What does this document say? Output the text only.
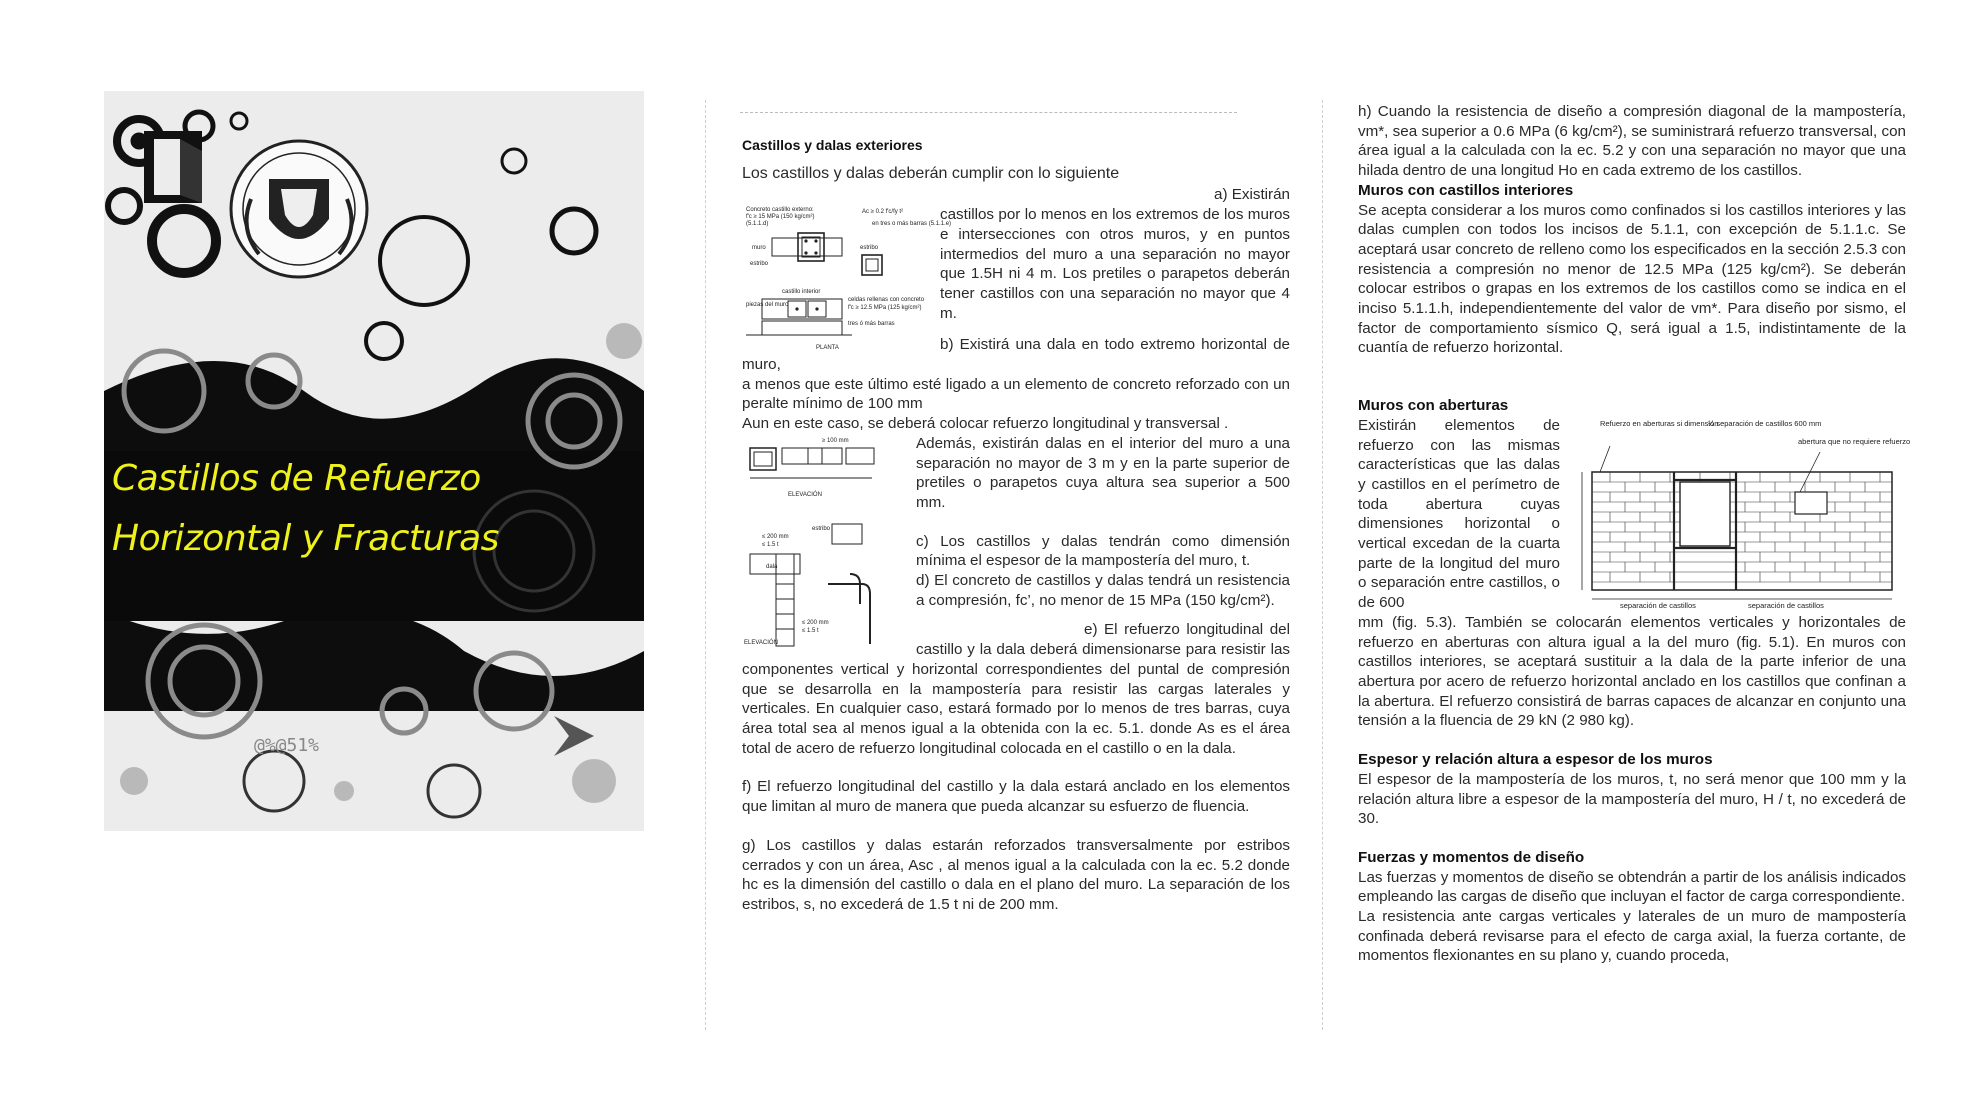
@%@51%
Castillos de Refuerzo
Horizontal y Fracturas

Castillos y dalas exteriores

Los castillos y dalas deberán cumplir con lo siguiente

Concreto castillo externo:
f′c ≥ 15 MPa (150 kg/cm²)
(5.1.1.d)
Ac ≥ 0.2 f′c/fy t²
en tres o más barras (5.1.1.e)
muro	estribo
estribo
castillo interior
piezas del muro
celdas rellenas con concreto
f′c ≥ 12.5 MPa (125 kg/cm²)
tres ó más barras
PLANTA

a) Existirán

castillos por lo menos en los extremos de los muros e intersecciones con otros muros, y en puntos intermedios del muro a una separación no mayor que 1.5H ni 4 m. Los pretiles o parapetos deberán tener castillos con una separación no mayor que 4 m.

b) Existirá una dala en todo extremo horizontal de muro,

a menos que este último esté ligado a un elemento de concreto reforzado con un peralte mínimo de 100 mm

Aun en este caso, se deberá colocar refuerzo longitudinal y transversal .

≥ 100 mm
ELEVACIÓN
≤ 200 mm
≤ 1.5 t
estribo
dala
≤ 200 mm
≤ 1.5 t
ELEVACIÓN

Además, existirán dalas en el interior del muro a una separación no mayor de 3 m y en la parte superior de pretiles o parapetos cuya altura sea superior a 500 mm.

c) Los castillos y dalas tendrán como dimensión mínima el espesor de la mampostería del muro, t.

d) El concreto de castillos y dalas tendrá un resistencia a compresión, fc’, no menor de 15 MPa (150 kg/cm²).

e) El refuerzo longitudinal del castillo y la dala deberá dimensionarse para resistir las componentes vertical y horizontal correspondientes del puntal de compresión que se desarrolla en la mampostería para resistir las cargas laterales y verticales. En cualquier caso, estará formado por lo menos de tres barras, cuya área total sea al menos igual a la obtenida con la ec. 5.1. donde As es el área total de acero de refuerzo longitudinal colocada en el castillo o en la dala.

f) El refuerzo longitudinal del castillo y la dala estará anclado en los elementos que limitan al muro de manera que pueda alcanzar su esfuerzo de fluencia.

g) Los castillos y dalas estarán reforzados transversalmente por estribos cerrados y con un área, Asc , al menos igual a la calculada con la ec. 5.2 donde hc es la dimensión del castillo o dala en el plano del muro. La separación de los estribos, s, no excederá de 1.5 t ni de 200 mm.

h) Cuando la resistencia de diseño a compresión diagonal de la mampostería, vm*, sea superior a 0.6 MPa (6 kg/cm²), se suministrará refuerzo transversal, con área igual a la calculada con la ec. 5.2 y con una separación no mayor que una hilada dentro de una longitud Ho en cada extremo de los castillos.

Muros con castillos interiores

Se acepta considerar a los muros como confinados si los castillos interiores y las dalas cumplen con todos los incisos de 5.1.1, con excepción de 5.1.1.c. Se aceptará usar concreto de relleno como los especificados en la sección 2.5.3 con resistencia a compresión no menor de 12.5 MPa (125 kg/cm²). Se deberán colocar estribos o grapas en los extremos de los castillos como se indica en el inciso 5.1.1.h, independientemente del valor de vm*. Para diseño por sismo, el factor de comportamiento sísmico Q, será igual a 1.5, indistintamente de la cuantía de refuerzo horizontal.

Refuerzo en aberturas si dimensión
¼ separación de castillos 600 mm
abertura que no requiere refuerzo
separación de castillos	separación de castillos

Muros con aberturas

Existirán elementos de refuerzo con las mismas características que las dalas y castillos en el perímetro de toda abertura cuyas dimensiones horizontal o vertical excedan de la cuarta parte de la longitud del muro o separación entre castillos, o de 600

mm (fig. 5.3). También se colocarán elementos verticales y horizontales de refuerzo en aberturas con altura igual a la del muro (fig. 5.1). En muros con castillos interiores, se aceptará sustituir a la dala de la parte inferior de una abertura por acero de refuerzo horizontal anclado en los castillos que confinan a la abertura. El refuerzo consistirá de barras capaces de alcanzar en conjunto una tensión a la fluencia de 29 kN (2 980 kg).

Espesor y relación altura a espesor de los muros

El espesor de la mampostería de los muros, t, no será menor que 100 mm y la relación altura libre a espesor de la mampostería del muro, H / t, no excederá de 30.

Fuerzas y momentos de diseño

Las fuerzas y momentos de diseño se obtendrán a partir de los análisis indicados empleando las cargas de diseño que incluyan el factor de carga correspondiente.

La resistencia ante cargas verticales y laterales de un muro de mampostería confinada deberá revisarse para el efecto de carga axial, la fuerza cortante, de momentos flexionantes en su plano y, cuando proceda,
